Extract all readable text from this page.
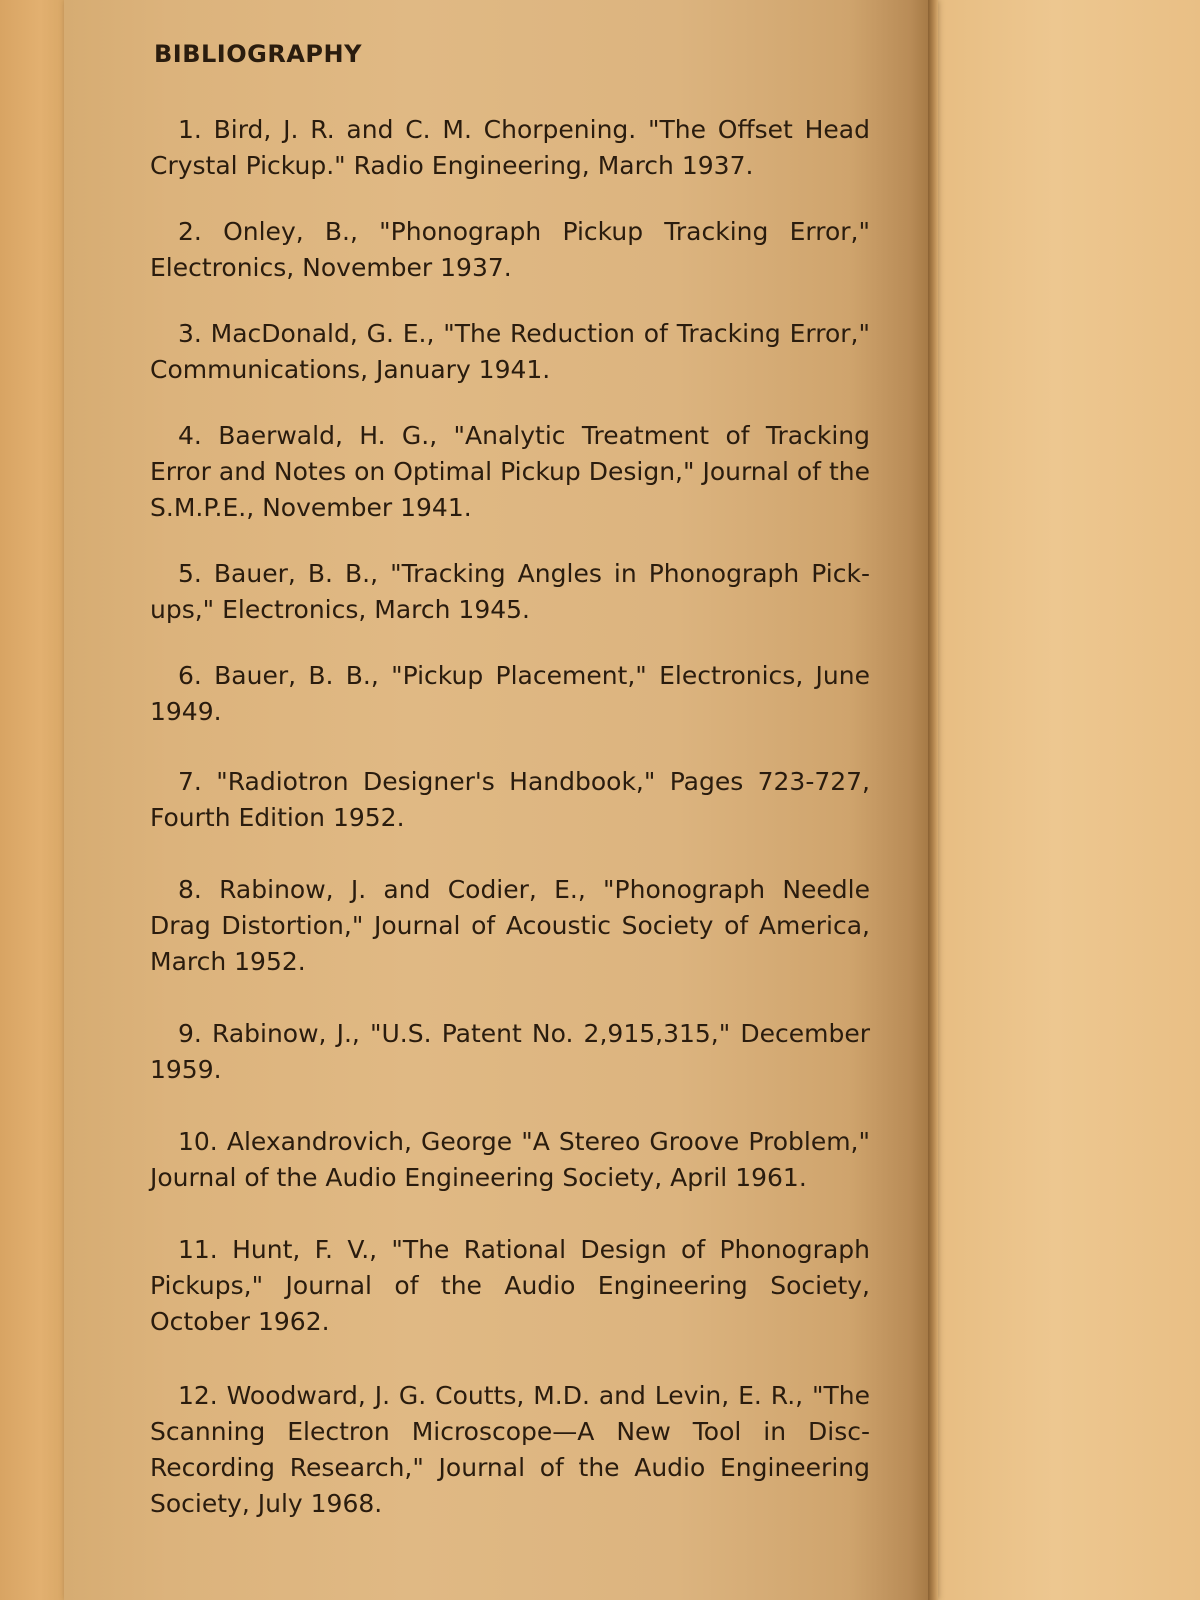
BIBLIOGRAPHY

1. Bird, J. R. and C. M. Chorpening. "The Offset Head Crystal Pickup." Radio Engineering, March 1937.

2. Onley, B., "Phonograph Pickup Tracking Error," Electronics, November 1937.

3. MacDonald, G. E., "The Reduction of Tracking Error," Communications, January 1941.

4. Baerwald, H. G., "Analytic Treatment of Tracking Error and Notes on Optimal Pickup Design," Journal of the S.M.P.E., November 1941.

5. Bauer, B. B., "Tracking Angles in Phonograph Pick-ups," Electronics, March 1945.

6. Bauer, B. B., "Pickup Placement," Electronics, June 1949.

7. "Radiotron Designer's Handbook," Pages 723-727, Fourth Edition 1952.

8. Rabinow, J. and Codier, E., "Phonograph Needle Drag Distortion," Journal of Acoustic Society of America, March 1952.

9. Rabinow, J., "U.S. Patent No. 2,915,315," December 1959.

10. Alexandrovich, George "A Stereo Groove Problem," Journal of the Audio Engineering Society, April 1961.

11. Hunt, F. V., "The Rational Design of Phonograph Pickups," Journal of the Audio Engineering Society, October 1962.

12. Woodward, J. G. Coutts, M.D. and Levin, E. R., "The Scanning Electron Microscope—A New Tool in Disc-Recording Research," Journal of the Audio Engineering Society, July 1968.
